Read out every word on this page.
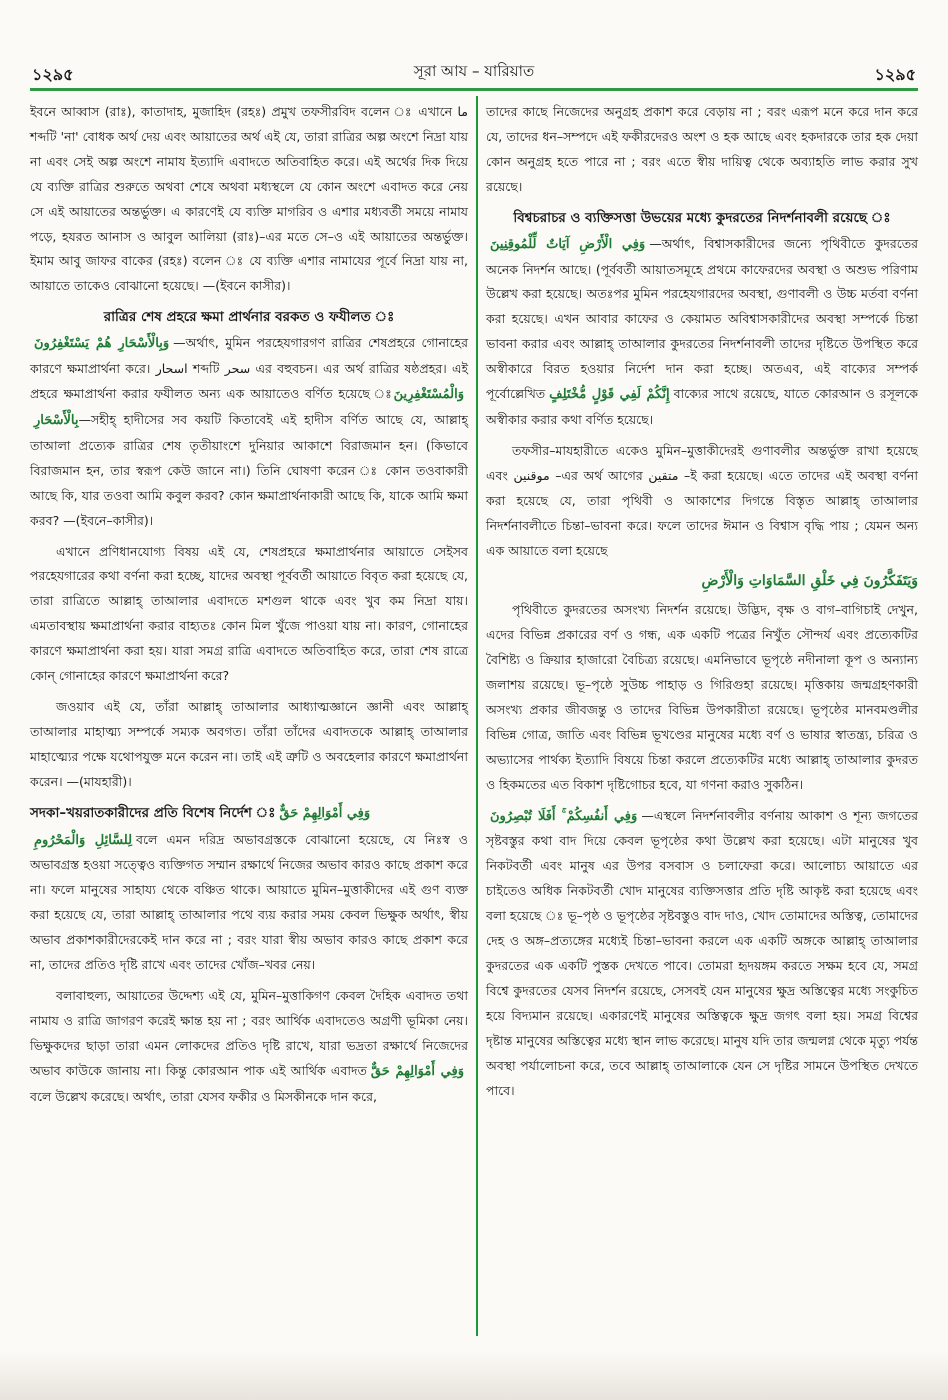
১২৯৫	সূরা আয – যারিয়াত	১২৯৫

ইবনে আব্বাস (রাঃ), কাতাদাহ, মুজাহিদ (রহঃ) প্রমুখ তফসীরবিদ বলেন ঃ এখানে ما শব্দটি 'না' বোধক অর্থ দেয় এবং আয়াতের অর্থ এই যে, তারা রাত্রির অল্প অংশে নিদ্রা যায় না এবং সেই অল্প অংশে নামায ইত্যাদি এবাদতে অতিবাহিত করে। এই অর্থের দিক দিয়ে যে ব্যক্তি রাত্রির শুরুতে অথবা শেষে অথবা মধ্যস্থলে যে কোন অংশে এবাদত করে নেয় সে এই আয়াতের অন্তর্ভুক্ত। এ কারণেই যে ব্যক্তি মাগরিব ও এশার মধ্যবর্তী সময়ে নামায পড়ে, হযরত আনাস ও আবুল আলিয়া (রাঃ)–এর মতে সে–ও এই আয়াতের অন্তর্ভুক্ত। ইমাম আবু জাফর বাকের (রহঃ) বলেন ঃ যে ব্যক্তি এশার নামাযের পূর্বে নিদ্রা যায় না, আয়াতে তাকেও বোঝানো হয়েছে। —(ইবনে কাসীর)।

রাত্রির শেষ প্রহরে ক্ষমা প্রার্থনার বরকত ও ফযীলত ঃ

وَبِالْأَسْحَارِ هُمْ يَسْتَغْفِرُونَ —অর্থাৎ, মুমিন পরহেযগারগণ রাত্রির শেষপ্রহরে গোনাহের কারণে ক্ষমাপ্রার্থনা করে। اسحار শব্দটি سحر এর বহুবচন। এর অর্থ রাত্রির ষষ্ঠপ্রহর। এই প্রহরে ক্ষমাপ্রার্থনা করার ফযীলত অন্য এক আয়াতেও বর্ণিত হয়েছে ঃوَالْمُسْتَغْفِرِينَ بِالْأَسْحَارِ—সহীহ্ হাদীসের সব কয়টি কিতাবেই এই হাদীস বর্ণিত আছে যে, আল্লাহ্ তাআলা প্রত্যেক রাত্রির শেষ তৃতীয়াংশে দুনিয়ার আকাশে বিরাজমান হন। (কিভাবে বিরাজমান হন, তার স্বরূপ কেউ জানে না।) তিনি ঘোষণা করেন ঃ কোন তওবাকারী আছে কি, যার তওবা আমি কবুল করব? কোন ক্ষমাপ্রার্থনাকারী আছে কি, যাকে আমি ক্ষমা করব? —(ইবনে–কাসীর)।

এখানে প্রণিধানযোগ্য বিষয় এই যে, শেষপ্রহরে ক্ষমাপ্রার্থনার আয়াতে সেইসব পরহেযগারের কথা বর্ণনা করা হচ্ছে, যাদের অবস্থা পূর্ববর্তী আয়াতে বিবৃত করা হয়েছে যে, তারা রাত্রিতে আল্লাহ্ তাআলার এবাদতে মশগুল থাকে এবং খুব কম নিদ্রা যায়। এমতাবস্থায় ক্ষমাপ্রার্থনা করার বাহ্যতঃ কোন মিল খুঁজে পাওয়া যায় না। কারণ, গোনাহের কারণে ক্ষমাপ্রার্থনা করা হয়। যারা সমগ্র রাত্রি এবাদতে অতিবাহিত করে, তারা শেষ রাত্রে কোন্ গোনাহের কারণে ক্ষমাপ্রার্থনা করে?

জওয়াব এই যে, তাঁরা আল্লাহ্ তাআলার আধ্যাত্মজ্ঞানে জ্ঞানী এবং আল্লাহ্ তাআলার মাহাত্ম্য সম্পর্কে সম্যক অবগত। তাঁরা তাঁদের এবাদতকে আল্লাহ্ তাআলার মাহাত্ম্যের পক্ষে যথোপযুক্ত মনে করেন না। তাই এই ত্রুটি ও অবহেলার কারণে ক্ষমাপ্রার্থনা করেন। —(মাযহারী)।

সদকা–খয়রাতকারীদের প্রতি বিশেষ নির্দেশ ঃ وَفِي أَمْوَالِهِمْ حَقٌّ

لِلسَّائِلِ وَالْمَحْرُومِ বলে এমন দরিদ্র অভাবগ্রস্তকে বোঝানো হয়েছে, যে নিঃস্ব ও অভাবগ্রস্ত হওয়া সত্ত্বেও ব্যক্তিগত সম্মান রক্ষার্থে নিজের অভাব কারও কাছে প্রকাশ করে না। ফলে মানুষের সাহায্য থেকে বঞ্চিত থাকে। আয়াতে মুমিন–মুত্তাকীদের এই গুণ ব্যক্ত করা হয়েছে যে, তারা আল্লাহ্ তাআলার পথে ব্যয় করার সময় কেবল ভিক্ষুক অর্থাৎ, স্বীয় অভাব প্রকাশকারীদেরকেই দান করে না ; বরং যারা স্বীয় অভাব কারও কাছে প্রকাশ করে না, তাদের প্রতিও দৃষ্টি রাখে এবং তাদের খোঁজ–খবর নেয়।

বলাবাহুল্য, আয়াতের উদ্দেশ্য এই যে, মুমিন–মুত্তাকিগণ কেবল দৈহিক এবাদত তথা নামায ও রাত্রি জাগরণ করেই ক্ষান্ত হয় না ; বরং আর্থিক এবাদতেও অগ্রণী ভূমিকা নেয়। ভিক্ষুকদের ছাড়া তারা এমন লোকদের প্রতিও দৃষ্টি রাখে, যারা ভদ্রতা রক্ষার্থে নিজেদের অভাব কাউকে জানায় না। কিন্তু কোরআন পাক এই আর্থিক এবাদত وَفِي أَمْوَالِهِمْ حَقٌّ বলে উল্লেখ করেছে। অর্থাৎ, তারা যেসব ফকীর ও মিসকীনকে দান করে,

তাদের কাছে নিজেদের অনুগ্রহ প্রকাশ করে বেড়ায় না ; বরং এরূপ মনে করে দান করে যে, তাদের ধন–সম্পদে এই ফকীরদেরও অংশ ও হক আছে এবং হকদারকে তার হক দেয়া কোন অনুগ্রহ হতে পারে না ; বরং এতে স্বীয় দায়িত্ব থেকে অব্যাহতি লাভ করার সুখ রয়েছে।

বিশ্বচরাচর ও ব্যক্তিসত্তা উভয়ের মধ্যে কুদরতের নিদর্শনাবলী রয়েছে ঃ

وَفِي الْأَرْضِ آيَاتٌ لِّلْمُوقِنِينَ —অর্থাৎ, বিশ্বাসকারীদের জন্যে পৃথিবীতে কুদরতের অনেক নিদর্শন আছে। (পূর্ববর্তী আয়াতসমূহে প্রথমে কাফেরদের অবস্থা ও অশুভ পরিণাম উল্লেখ করা হয়েছে। অতঃপর মুমিন পরহেযগারদের অবস্থা, গুণাবলী ও উচ্চ মর্তবা বর্ণনা করা হয়েছে। এখন আবার কাফের ও কেয়ামত অবিশ্বাসকারীদের অবস্থা সম্পর্কে চিন্তা ভাবনা করার এবং আল্লাহ্ তাআলার কুদরতের নিদর্শনাবলী তাদের দৃষ্টিতে উপস্থিত করে অস্বীকারে বিরত হওয়ার নির্দেশ দান করা হচ্ছে। অতএব, এই বাক্যের সম্পর্ক পূর্বোল্লেখিত إِنَّكُمْ لَفِي قَوْلٍ مُّخْتَلِفٍ বাক্যের সাথে রয়েছে, যাতে কোরআন ও রসূলকে অস্বীকার করার কথা বর্ণিত হয়েছে।

তফসীর–মাযহারীতে একেও মুমিন–মুত্তাকীদেরই গুণাবলীর অন্তর্ভুক্ত রাখা হয়েছে এবং موقنين –এর অর্থ আগের متقين –ই করা হয়েছে। এতে তাদের এই অবস্থা বর্ণনা করা হয়েছে যে, তারা পৃথিবী ও আকাশের দিগন্তে বিস্তৃত আল্লাহ্ তাআলার নিদর্শনাবলীতে চিন্তা–ভাবনা করে। ফলে তাদের ঈমান ও বিশ্বাস বৃদ্ধি পায় ; যেমন অন্য এক আয়াতে বলা হয়েছে

وَيَتَفَكَّرُونَ فِي خَلْقِ السَّمَاوَاتِ وَالْأَرْضِ

পৃথিবীতে কুদরতের অসংখ্য নিদর্শন রয়েছে। উদ্ভিদ, বৃক্ষ ও বাগ–বাগিচাই দেখুন, এদের বিভিন্ন প্রকারের বর্ণ ও গন্ধ, এক একটি পত্রের নিখুঁত সৌন্দর্য এবং প্রত্যেকটির বৈশিষ্ট্য ও ক্রিয়ার হাজারো বৈচিত্র্য রয়েছে। এমনিভাবে ভূপৃষ্ঠে নদীনালা কূপ ও অন্যান্য জলাশয় রয়েছে। ভূ–পৃষ্ঠে সুউচ্চ পাহাড় ও গিরিগুহা রয়েছে। মৃত্তিকায় জন্মগ্রহণকারী অসংখ্য প্রকার জীবজন্তু ও তাদের বিভিন্ন উপকারীতা রয়েছে। ভূপৃষ্ঠের মানবমণ্ডলীর বিভিন্ন গোত্র, জাতি এবং বিভিন্ন ভূখণ্ডের মানুষের মধ্যে বর্ণ ও ভাষার স্বাতন্ত্র্য, চরিত্র ও অভ্যাসের পার্থক্য ইত্যাদি বিষয়ে চিন্তা করলে প্রত্যেকটির মধ্যে আল্লাহ্ তাআলার কুদরত ও হিকমতের এত বিকাশ দৃষ্টিগোচর হবে, যা গণনা করাও সুকঠিন।

وَفِي أَنفُسِكُمْ ۚ أَفَلَا تُبْصِرُونَ —এস্থলে নিদর্শনাবলীর বর্ণনায় আকাশ ও শূন্য জগতের সৃষ্টবস্তুর কথা বাদ দিয়ে কেবল ভূপৃষ্ঠের কথা উল্লেখ করা হয়েছে। এটা মানুষের খুব নিকটবর্তী এবং মানুষ এর উপর বসবাস ও চলাফেরা করে। আলোচ্য আয়াতে এর চাইতেও অধিক নিকটবর্তী খোদ মানুষের ব্যক্তিসত্তার প্রতি দৃষ্টি আকৃষ্ট করা হয়েছে এবং বলা হয়েছে ঃ ভূ–পৃষ্ঠ ও ভূপৃষ্ঠের সৃষ্টবস্তুও বাদ দাও, খোদ তোমাদের অস্তিত্ব, তোমাদের দেহ ও অঙ্গ–প্রত্যঙ্গের মধ্যেই চিন্তা–ভাবনা করলে এক একটি অঙ্গকে আল্লাহ্ তাআলার কুদরতের এক একটি পুস্তক দেখতে পাবে। তোমরা হৃদয়ঙ্গম করতে সক্ষম হবে যে, সমগ্র বিশ্বে কুদরতের যেসব নিদর্শন রয়েছে, সেসবই যেন মানুষের ক্ষুদ্র অস্তিত্বের মধ্যে সংকুচিত হয়ে বিদ্যমান রয়েছে। একারণেই মানুষের অস্তিত্বকে ক্ষুদ্র জগৎ বলা হয়। সমগ্র বিশ্বের দৃষ্টান্ত মানুষের অস্তিত্বের মধ্যে স্থান লাভ করেছে। মানুষ যদি তার জন্মলগ্ন থেকে মৃত্যু পর্যন্ত অবস্থা পর্যালোচনা করে, তবে আল্লাহ্ তাআলাকে যেন সে দৃষ্টির সামনে উপস্থিত দেখতে পাবে।
